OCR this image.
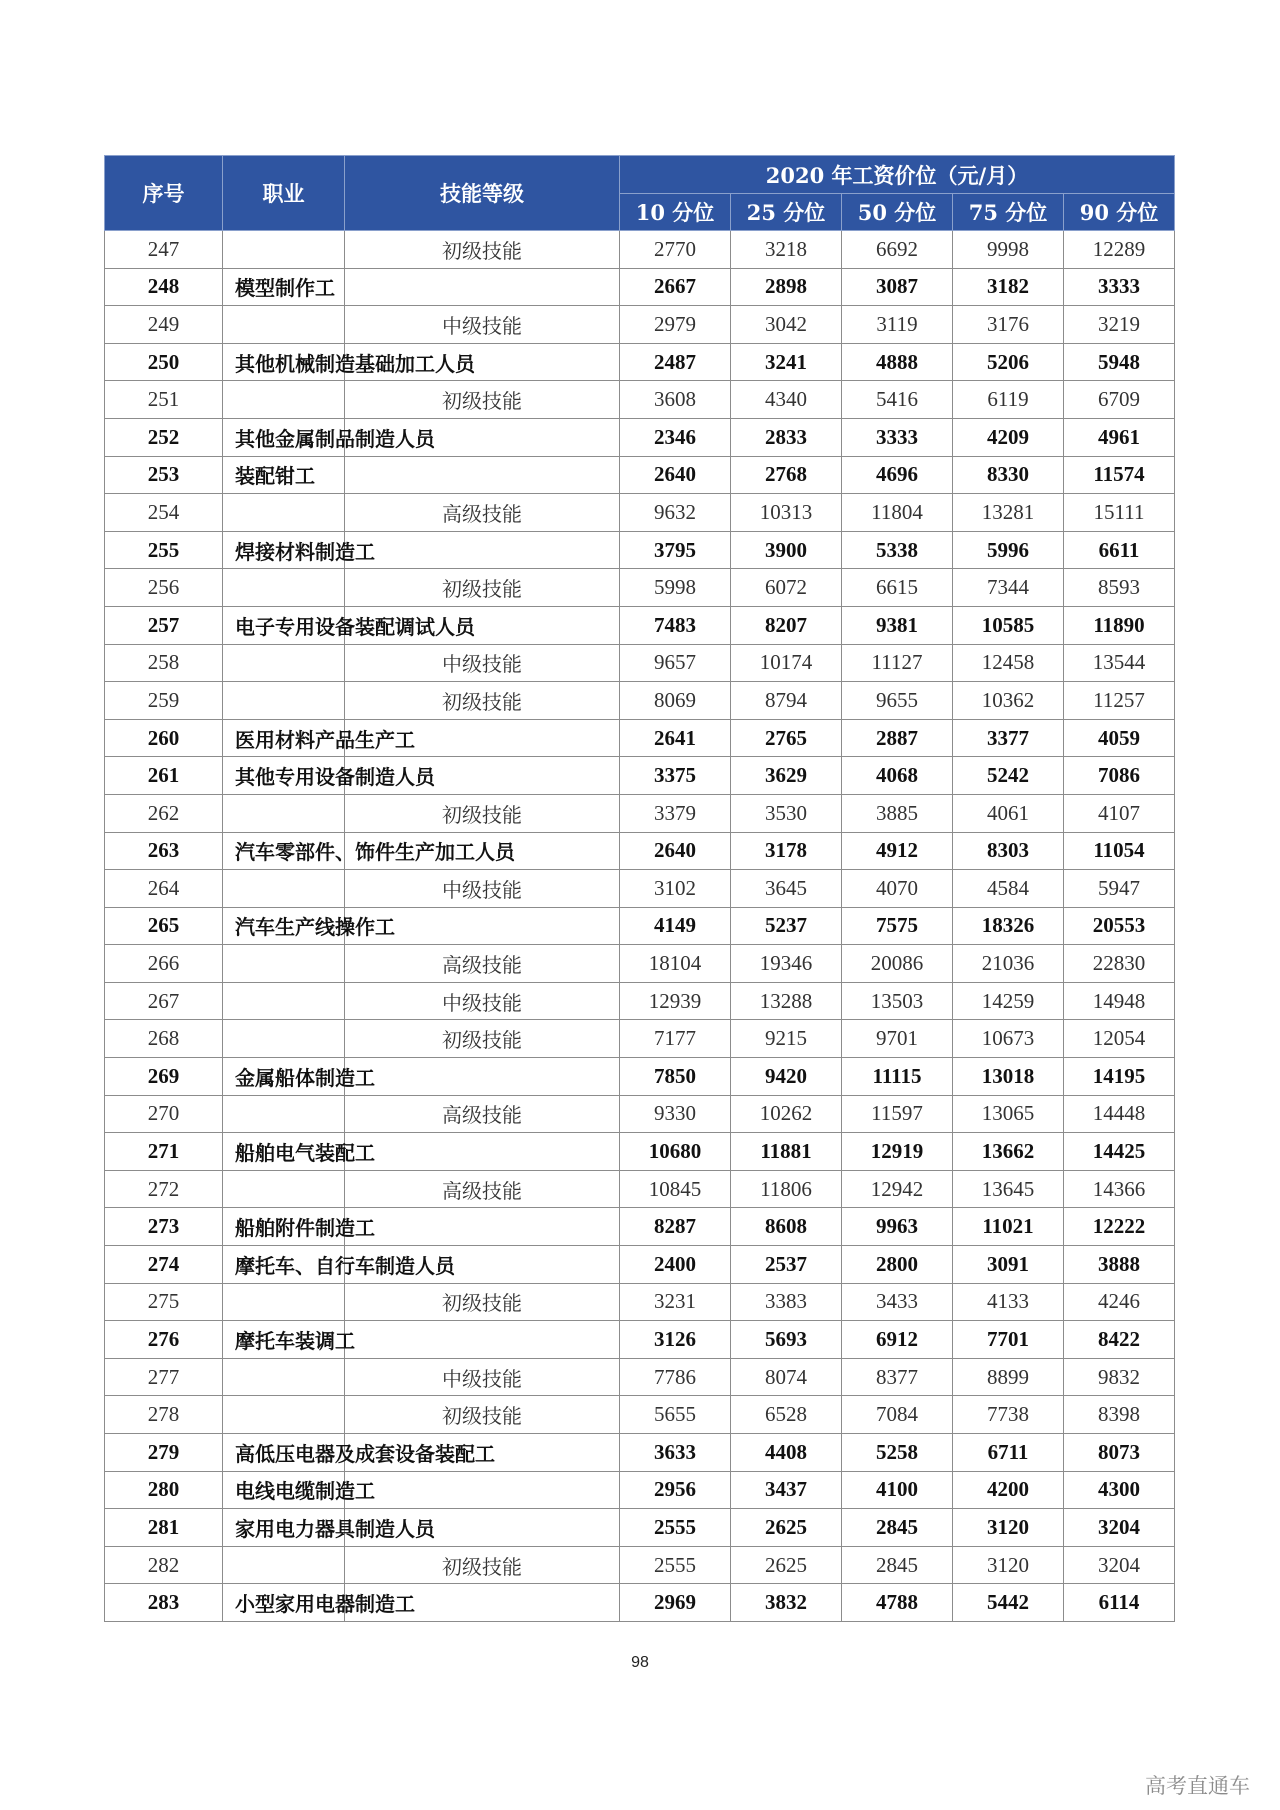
序号	职业	技能等级	2020 年工资价位（元/月）				
			10 分位	25 分位	50 分位	75 分位	90 分位
247		初级技能	2770	3218	6692	9998	12289
248	模型制作工		2667	2898	3087	3182	3333
249		中级技能	2979	3042	3119	3176	3219
250	其他机械制造基础加工人员		2487	3241	4888	5206	5948
251		初级技能	3608	4340	5416	6119	6709
252	其他金属制品制造人员		2346	2833	3333	4209	4961
253	装配钳工		2640	2768	4696	8330	11574
254		高级技能	9632	10313	11804	13281	15111
255	焊接材料制造工		3795	3900	5338	5996	6611
256		初级技能	5998	6072	6615	7344	8593
257	电子专用设备装配调试人员		7483	8207	9381	10585	11890
258		中级技能	9657	10174	11127	12458	13544
259		初级技能	8069	8794	9655	10362	11257
260	医用材料产品生产工		2641	2765	2887	3377	4059
261	其他专用设备制造人员		3375	3629	4068	5242	7086
262		初级技能	3379	3530	3885	4061	4107
263	汽车零部件、饰件生产加工人员		2640	3178	4912	8303	11054
264		中级技能	3102	3645	4070	4584	5947
265	汽车生产线操作工		4149	5237	7575	18326	20553
266		高级技能	18104	19346	20086	21036	22830
267		中级技能	12939	13288	13503	14259	14948
268		初级技能	7177	9215	9701	10673	12054
269	金属船体制造工		7850	9420	11115	13018	14195
270		高级技能	9330	10262	11597	13065	14448
271	船舶电气装配工		10680	11881	12919	13662	14425
272		高级技能	10845	11806	12942	13645	14366
273	船舶附件制造工		8287	8608	9963	11021	12222
274	摩托车、自行车制造人员		2400	2537	2800	3091	3888
275		初级技能	3231	3383	3433	4133	4246
276	摩托车装调工		3126	5693	6912	7701	8422
277		中级技能	7786	8074	8377	8899	9832
278		初级技能	5655	6528	7084	7738	8398
279	高低压电器及成套设备装配工		3633	4408	5258	6711	8073
280	电线电缆制造工		2956	3437	4100	4200	4300
281	家用电力器具制造人员		2555	2625	2845	3120	3204
282		初级技能	2555	2625	2845	3120	3204
283	小型家用电器制造工		2969	3832	4788	5442	6114
98
高考直通车
